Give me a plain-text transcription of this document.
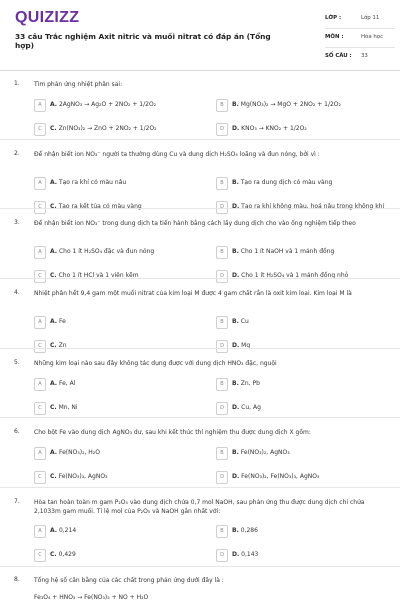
QUIZIZZ
33 câu Trắc nghiệm Axit nitric và muối nitrat có đáp án (Tổng hợp)
LỚP :	Lớp 11
MÔN :	Hóa học
SỐ CÂU : 33
1. Tìm phản ứng nhiệt phân sai:
A	A. 2AgNO₃ → Ag₂O + 2NO₂ + 1/2O₂	B	B. Mg(NO₃)₂ → MgO + 2NO₂ + 1/2O₂
C	C. Zn(NO₃)₂ → ZnO + 2NO₂ + 1/2O₂	D	D. KNO₃ → KNO₂ + 1/2O₂
2. Để nhận biết ion NO₃⁻ người ta thường dùng Cu và dung dịch H₂SO₄ loãng và đun nóng, bởi vì :
A	A. Tạo ra khí có màu nâu	B	B. Tạo ra dung dịch có màu vàng
C	C. Tạo ra kết tủa có màu vàng	D	D. Tạo ra khí không màu, hoá nâu trong không khí
3. Để nhận biết ion NO₃⁻ trong dung dịch ta tiến hành bằng cách lấy dung dịch cho vào ống nghiệm tiếp theo
A	A. Cho 1 ít H₂SO₄ đặc và đun nóng	B	B. Cho 1 ít NaOH và 1 mảnh đồng
C	C. Cho 1 ít HCl và 1 viên kẽm	D	D. Cho 1 ít H₂SO₄ và 1 mảnh đồng nhỏ
4. Nhiệt phân hết 9,4 gam một muối nitrat của kim loại M được 4 gam chất rắn là oxit kim loại. Kim loại M là
A	A. Fe	B	B. Cu
C	C. Zn	D	D. Mg
5. Những kim loại nào sau đây không tác dụng được với dung dịch HNO₃ đặc, nguội
A	A. Fe, Al	B	B. Zn, Pb
C	C. Mn, Ni	D	D. Cu, Ag
6. Cho bột Fe vào dung dịch AgNO₃ dư, sau khi kết thúc thí nghiệm thu được dung dịch X gồm:
A	A. Fe(NO₃)₂, H₂O	B	B. Fe(NO₃)₂, AgNO₃
C	C. Fe(NO₃)₃, AgNO₃	D	D. Fe(NO₃)₂, Fe(NO₃)₃, AgNO₃
7. Hòa tan hoàn toàn m gam P₂O₅ vào dung dịch chứa 0,7 mol NaOH, sau phản ứng thu được dung dịch chỉ chứa 2,1033m gam muối. Tỉ lệ mol của P₂O₅ và NaOH gần nhất với:
A	A. 0,214	B	B. 0,286
C	C. 0,429	D	D. 0,143
8. Tổng hệ số cân bằng của các chất trong phản ứng dưới đây là :
Fe₃O₄ + HNO₃ → Fe(NO₃)₃ + NO + H₂O
